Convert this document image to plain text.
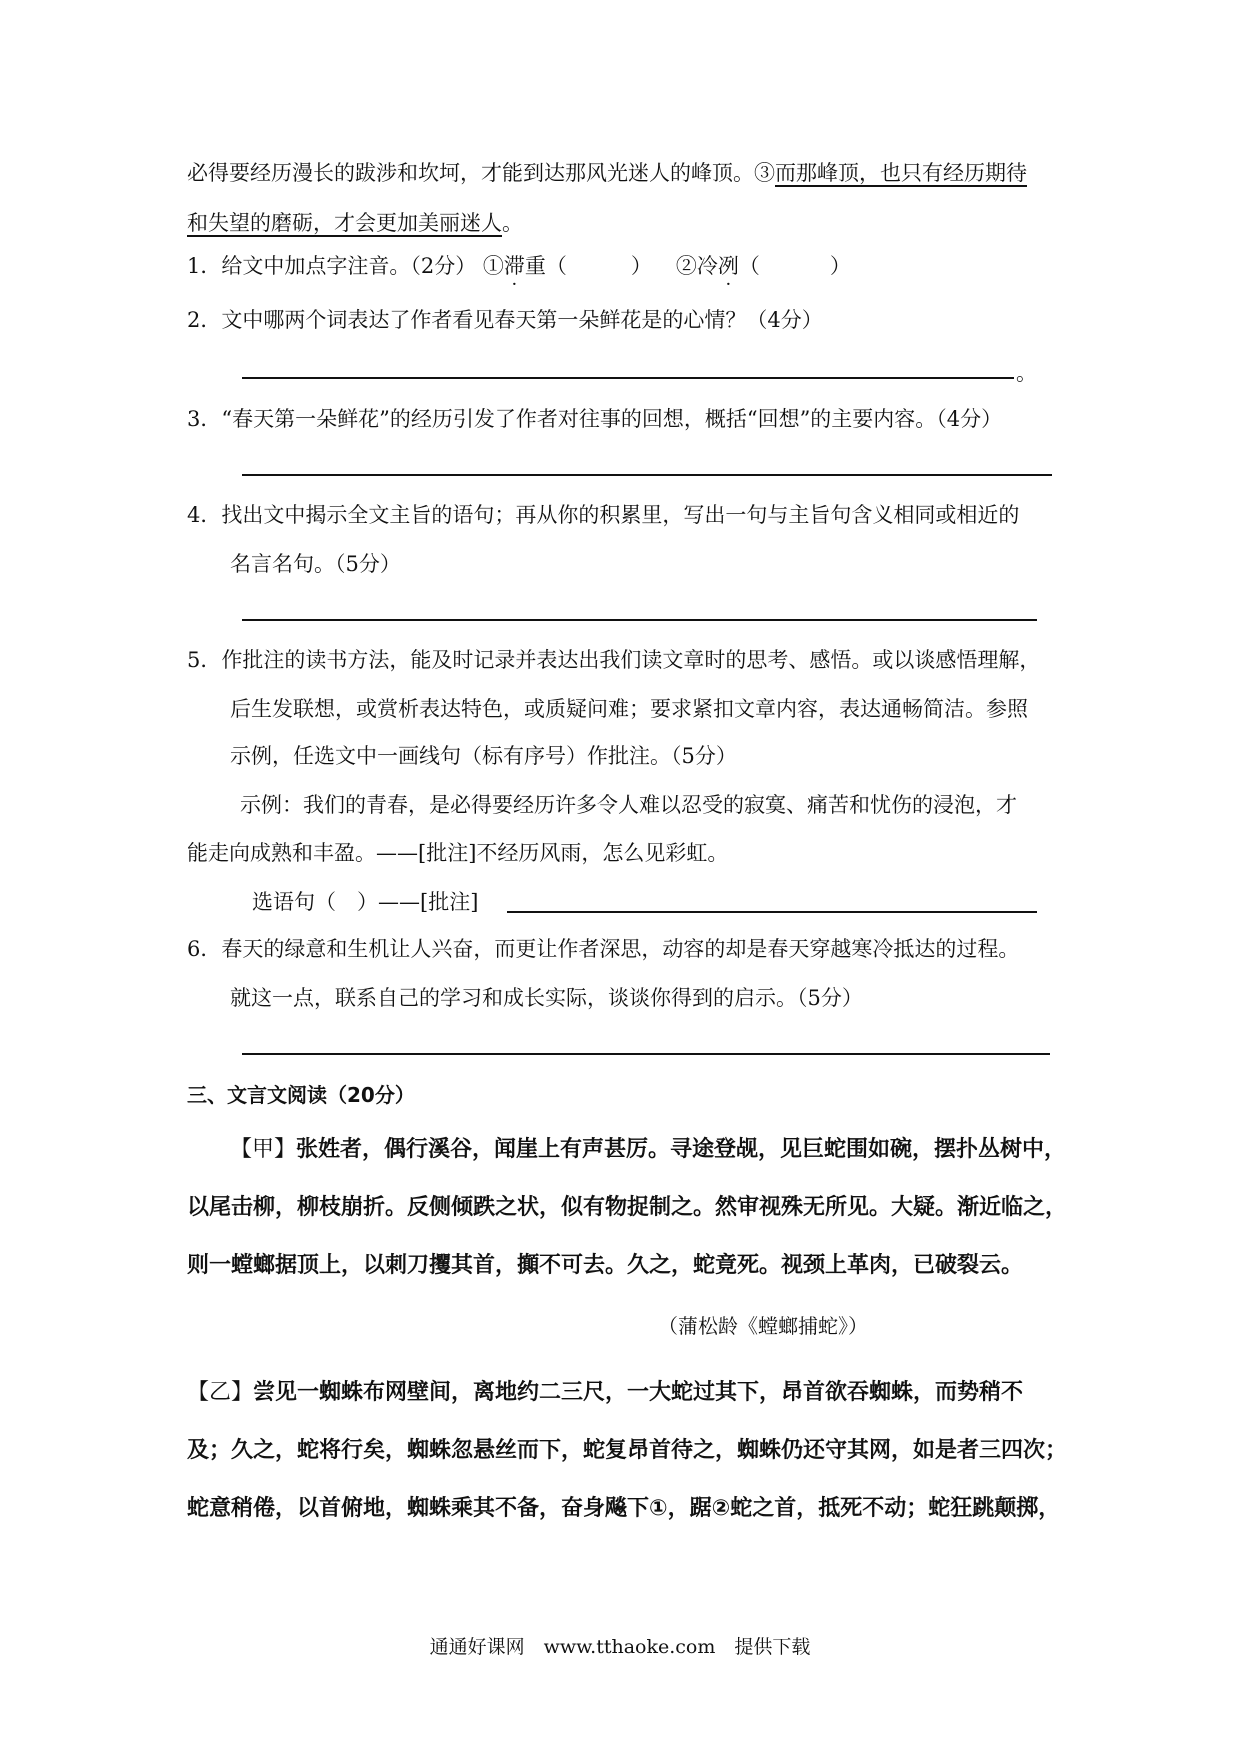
必得要经历漫长的跋涉和坎坷，才能到达那风光迷人的峰顶。③而那峰顶，也只有经历期待
和失望的磨砺，才会更加美丽迷人。
1．给文中加点字注音。（2分） ①滞重（	） ②冷冽（	）
2．文中哪两个词表达了作者看见春天第一朵鲜花是的心情？（4分）
。
3．“春天第一朵鲜花”的经历引发了作者对往事的回想，概括“回想”的主要内容。（4分）
4．找出文中揭示全文主旨的语句；再从你的积累里，写出一句与主旨句含义相同或相近的
名言名句。（5分）
5．作批注的读书方法，能及时记录并表达出我们读文章时的思考、感悟。或以谈感悟理解，
后生发联想，或赏析表达特色，或质疑问难；要求紧扣文章内容，表达通畅简洁。参照
示例，任选文中一画线句（标有序号）作批注。（5分）
示例：我们的青春，是必得要经历许多令人难以忍受的寂寞、痛苦和忧伤的浸泡，才
能走向成熟和丰盈。——[批注]不经历风雨，怎么见彩虹。
选语句（　）——[批注]
6．春天的绿意和生机让人兴奋，而更让作者深思，动容的却是春天穿越寒冷抵达的过程。
就这一点，联系自己的学习和成长实际，谈谈你得到的启示。（5分）
三、文言文阅读（20分）
【甲】张姓者，偶行溪谷，闻崖上有声甚厉。寻途登觇，见巨蛇围如碗，摆扑丛树中，
以尾击柳，柳枝崩折。反侧倾跌之状，似有物捉制之。然审视殊无所见。大疑。渐近临之，
则一螳螂据顶上，以刺刀攫其首，攧不可去。久之，蛇竟死。视颈上革肉，已破裂云。
（蒲松龄《螳螂捕蛇》）
【乙】尝见一蜘蛛布网壁间，离地约二三尺，一大蛇过其下，昂首欲吞蜘蛛，而势稍不
及；久之，蛇将行矣，蜘蛛忽悬丝而下，蛇复昂首待之，蜘蛛仍还守其网，如是者三四次；
蛇意稍倦，以首俯地，蜘蛛乘其不备，奋身飚下①，踞②蛇之首，抵死不动；蛇狂跳颠掷，
通通好课网　www.tthaoke.com　提供下载
